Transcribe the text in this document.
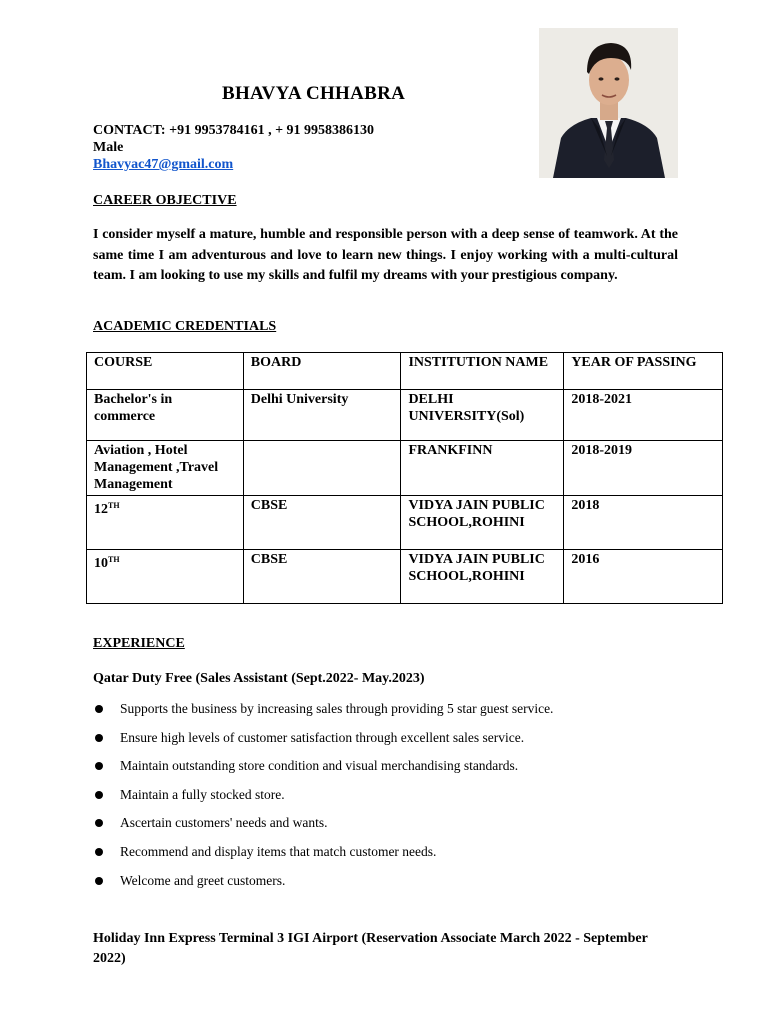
BHAVYA CHHABRA
CONTACT: +91 9953784161 , + 91 9958386130
Male
Bhavyac47@gmail.com
CAREER OBJECTIVE
I consider myself a mature, humble and responsible person with a deep sense of teamwork. At the same time I am adventurous and love to learn new things. I enjoy working with a multi-cultural team. I am looking to use my skills and fulfil my dreams with your prestigious company.
ACADEMIC CREDENTIALS
COURSE	BOARD	INSTITUTION NAME	YEAR OF PASSING
Bachelor's in commerce	Delhi University	DELHI UNIVERSITY(Sol)	2018-2021
Aviation , Hotel Management ,Travel Management		FRANKFINN	2018-2019
12TH	CBSE	VIDYA JAIN PUBLIC SCHOOL,ROHINI	2018
10TH	CBSE	VIDYA JAIN PUBLIC SCHOOL,ROHINI	2016
EXPERIENCE
Qatar Duty Free (Sales Assistant (Sept.2022- May.2023)
Supports the business by increasing sales through providing 5 star guest service.
Ensure high levels of customer satisfaction through excellent sales service.
Maintain outstanding store condition and visual merchandising standards.
Maintain a fully stocked store.
Ascertain customers' needs and wants.
Recommend and display items that match customer needs.
Welcome and greet customers.
Holiday Inn Express Terminal 3 IGI Airport (Reservation Associate March 2022 - September 2022)
